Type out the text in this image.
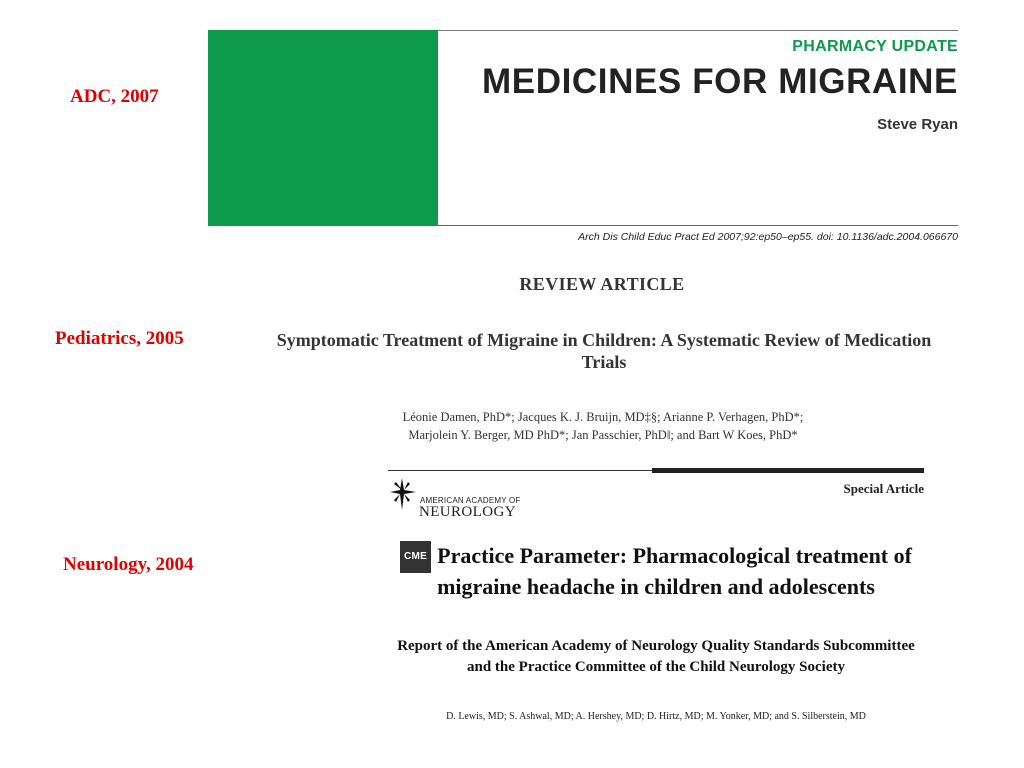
ADC, 2007
Pediatrics, 2005
Neurology, 2004
PHARMACY UPDATE
MEDICINES FOR MIGRAINE
Steve Ryan
Arch Dis Child Educ Pract Ed 2007;92:ep50–ep55. doi: 10.1136/adc.2004.066670
REVIEW ARTICLE
Symptomatic Treatment of Migraine in Children: A Systematic Review of Medication Trials
Léonie Damen, PhD*; Jacques K. J. Bruijn, MD‡§; Arianne P. Verhagen, PhD*;
Marjolein Y. Berger, MD PhD*; Jan Passchier, PhD‖; and Bart W Koes, PhD*
AMERICAN ACADEMY OF
NEUROLOGY
Special Article
CME Practice Parameter: Pharmacological treatment of migraine headache in children and adolescents
Report of the American Academy of Neurology Quality Standards Subcommittee and the Practice Committee of the Child Neurology Society
D. Lewis, MD; S. Ashwal, MD; A. Hershey, MD; D. Hirtz, MD; M. Yonker, MD; and S. Silberstein, MD
